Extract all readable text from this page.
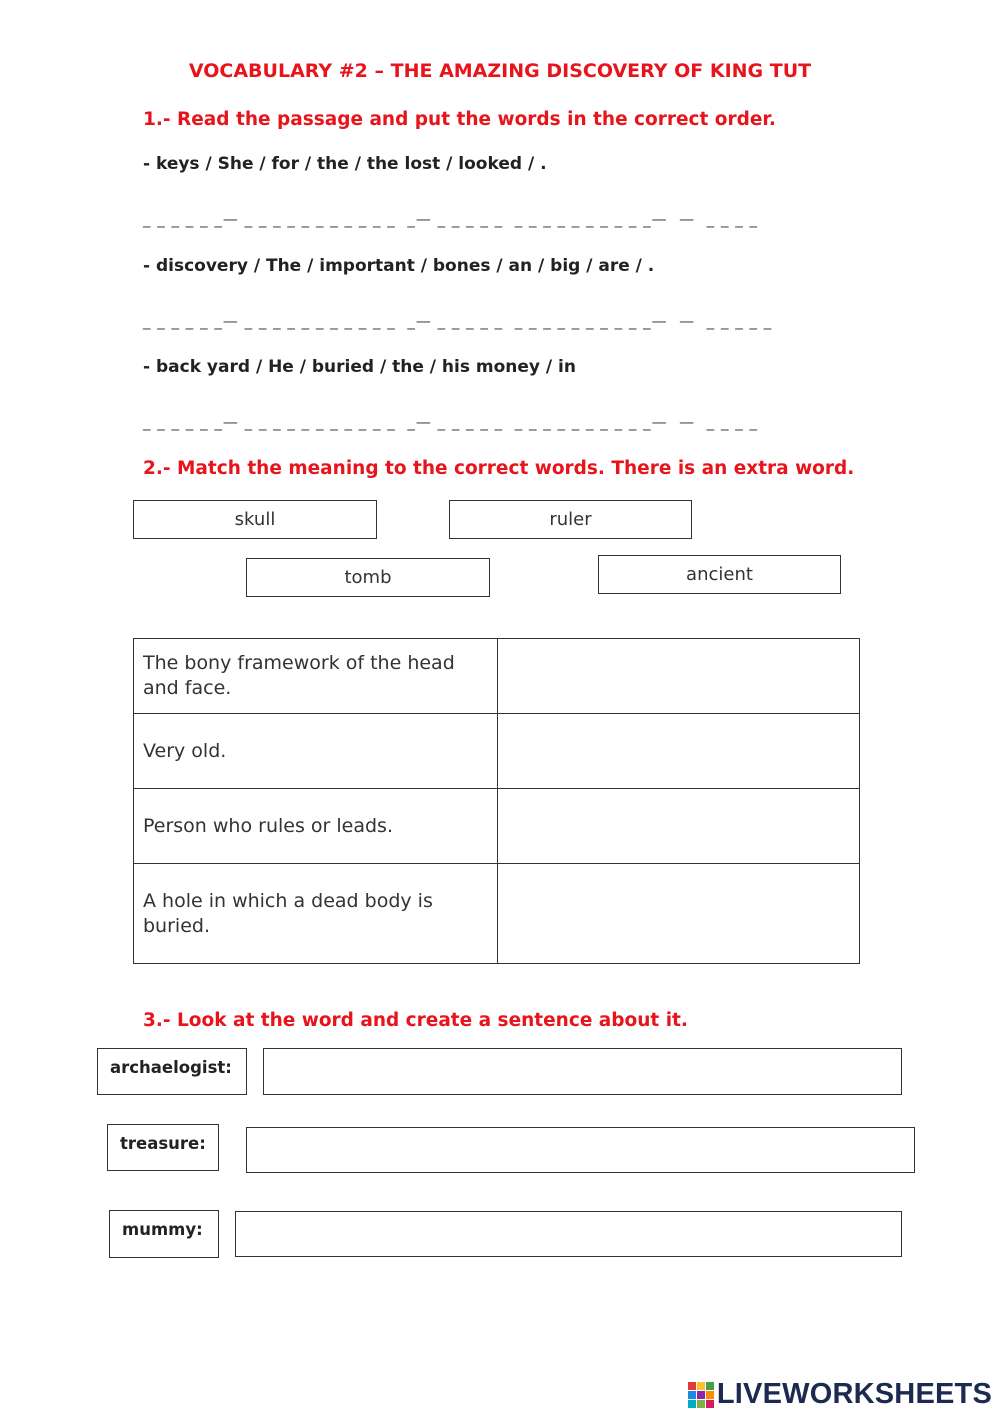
VOCABULARY #2 – THE AMAZING DISCOVERY OF KING TUT
1.- Read the passage and put the words in the correct order.
- keys / She / for / the / the lost / looked / .
_ _ _ _ _ _— _ _ _ _ _ _ _ _ _ _ _  _— _ _ _ _ _  _ _ _ _ _ _ _ _ _ _—  —  _ _ _ _
- discovery / The / important / bones / an / big / are / .
_ _ _ _ _ _— _ _ _ _ _ _ _ _ _ _ _  _— _ _ _ _ _  _ _ _ _ _ _ _ _ _ _—  —  _ _ _ _ _
- back yard / He / buried / the / his money / in
_ _ _ _ _ _— _ _ _ _ _ _ _ _ _ _ _  _— _ _ _ _ _  _ _ _ _ _ _ _ _ _ _—  —  _ _ _ _
2.- Match the meaning to the correct words. There is an extra word.
skull	ruler
tomb	ancient
The bony framework of the head and face.	
Very old.	
Person who rules or leads.	
A hole in which a dead body is buried.	
3.- Look at the word and create a sentence about it.
archaelogist:
treasure:
mummy:
LIVEWORKSHEETS
